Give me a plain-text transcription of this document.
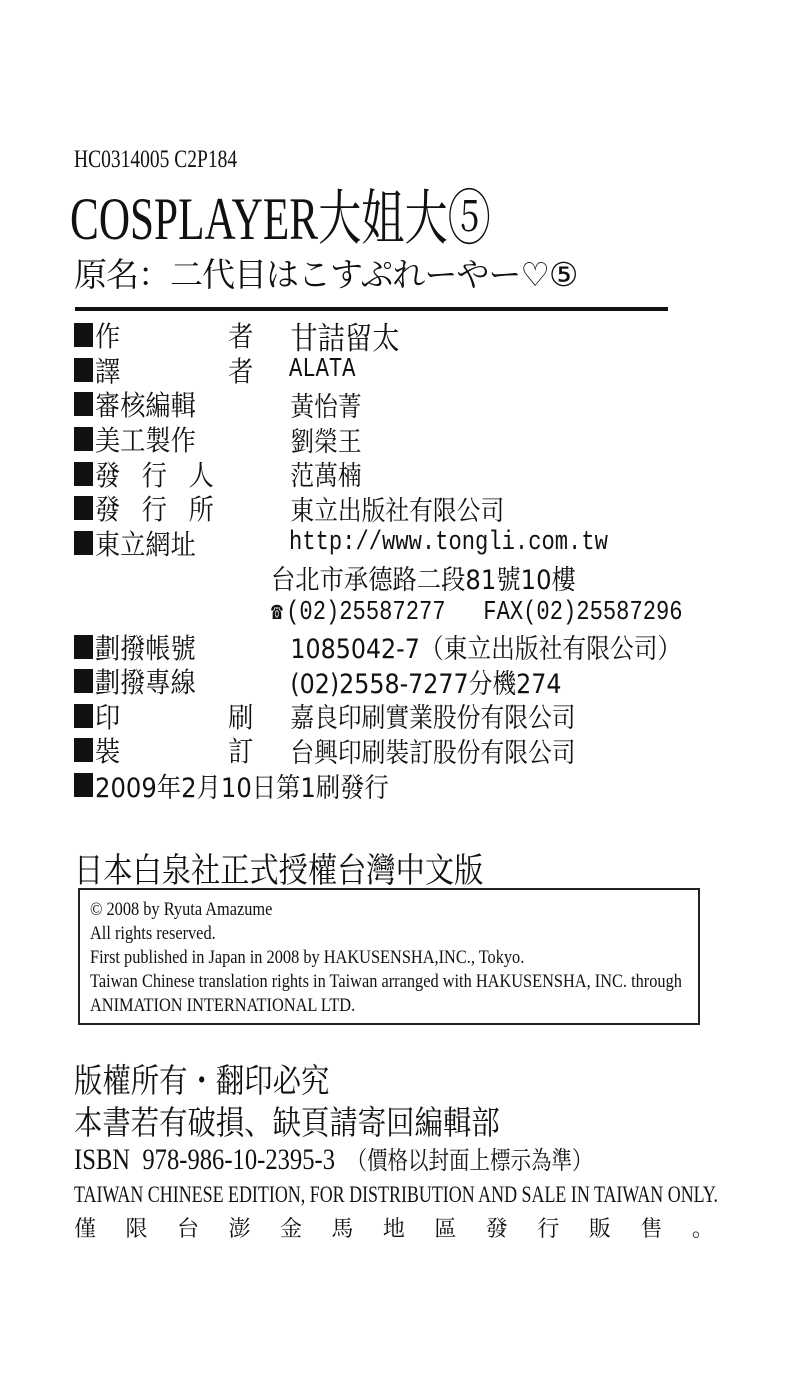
HC0314005 C2P184
COSPLAYER大姐大⑤
原名：二代目はこすぷれーやー♡⑤
作	者	甘詰留太
譯	者	ALATA
審核編輯	黃怡菁
美工製作	劉榮王
發 行 人	范萬楠
發 行 所	東立出版社有限公司
東立網址	http://www.tongli.com.tw
台北市承德路二段81號10樓
☎ (02)25587277 FAX(02)25587296
劃撥帳號	1085042-7（東立出版社有限公司）
劃撥專線	(02)2558-7277分機274
印	刷	嘉良印刷實業股份有限公司
裝	訂	台興印刷裝訂股份有限公司
2009年2月10日第1刷發行
日本白泉社正式授權台灣中文版

© 2008 by Ryuta Amazume

All rights reserved.

First published in Japan in 2008 by HAKUSENSHA,INC., Tokyo.

Taiwan Chinese translation rights in Taiwan arranged with HAKUSENSHA, INC. through

ANIMATION INTERNATIONAL LTD.

版權所有・翻印必究
本書若有破損、缺頁請寄回編輯部
ISBN  978-986-10-2395-3 （價格以封面上標示為準）
TAIWAN CHINESE EDITION, FOR DISTRIBUTION AND SALE IN TAIWAN ONLY.
僅 限 台 澎 金 馬 地 區 發 行 販 售 。
